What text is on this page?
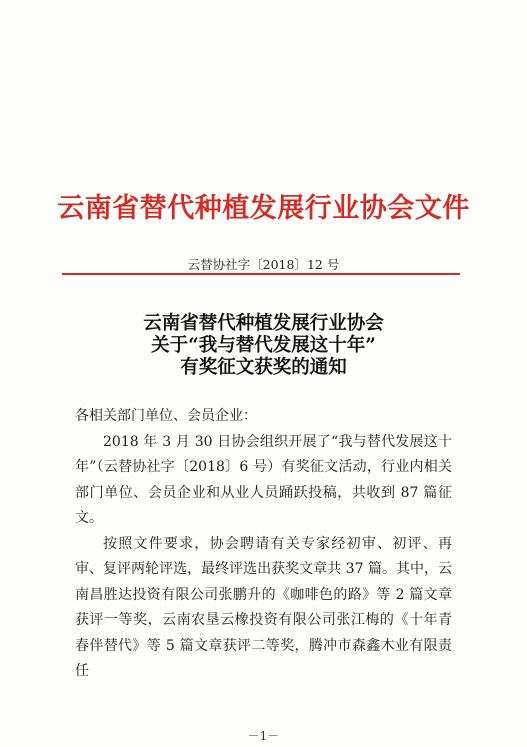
云南省替代种植发展行业协会文件
云替协社字〔2018〕12 号
云南省替代种植发展行业协会
关于“我与替代发展这十年”
有奖征文获奖的通知

各相关部门单位、会员企业：

2018 年 3 月 30 日协会组织开展了“我与替代发展这十年”（云替协社字〔2018〕6 号）有奖征文活动，行业内相关部门单位、会员企业和从业人员踊跃投稿，共收到 87 篇征文。

按照文件要求，协会聘请有关专家经初审、初评、再审、复评两轮评选，最终评选出获奖文章共 37 篇。其中，云南昌胜达投资有限公司张鹏升的《咖啡色的路》等 2 篇文章获评一等奖，云南农垦云橡投资有限公司张江梅的《十年青春伴替代》等 5 篇文章获评二等奖，腾冲市森鑫木业有限责任

－1－
